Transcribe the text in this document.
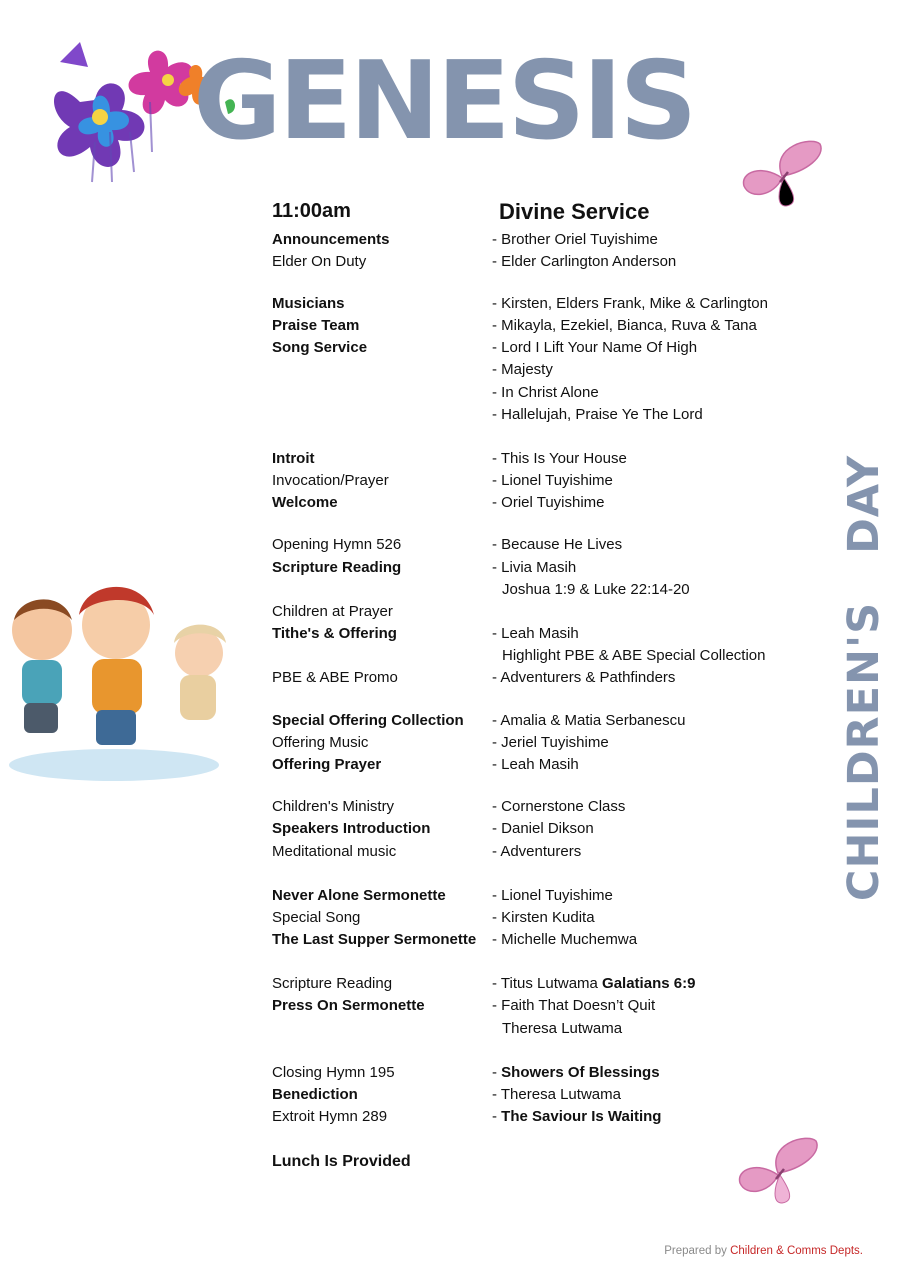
GENESIS
CHILDREN'S DAY
11:00am	Divine Service
Announcements	- Brother Oriel Tuyishime
Elder On Duty	- Elder Carlington Anderson
Musicians	- Kirsten, Elders Frank, Mike & Carlington
Praise Team	- Mikayla, Ezekiel, Bianca, Ruva & Tana
Song Service	- Lord I Lift Your Name Of High
- Majesty
- In Christ Alone
- Hallelujah, Praise Ye The Lord
Introit	- This Is Your House
Invocation/Prayer	- Lionel Tuyishime
Welcome	- Oriel Tuyishime
Opening Hymn 526	- Because He Lives
Scripture Reading	- Livia Masih
Joshua 1:9 & Luke 22:14-20
Children at Prayer
Tithe's & Offering	- Leah Masih
Highlight PBE & ABE Special Collection
PBE & ABE Promo	- Adventurers & Pathfinders
Special Offering Collection - Amalia & Matia Serbanescu
Offering Music	- Jeriel Tuyishime
Offering Prayer	- Leah Masih
Children's Ministry	- Cornerstone Class
Speakers Introduction	- Daniel Dikson
Meditational music	- Adventurers
Never Alone Sermonette	- Lionel Tuyishime
Special Song	- Kirsten Kudita
The Last Supper Sermonette - Michelle Muchemwa
Scripture Reading	- Titus Lutwama Galatians 6:9
Press On Sermonette	- Faith That Doesn’t Quit
Theresa Lutwama
Closing Hymn 195	- Showers Of Blessings
Benediction	- Theresa Lutwama
Extroit Hymn 289	- The Saviour Is Waiting
Lunch Is Provided
Prepared by Children & Comms Depts.
